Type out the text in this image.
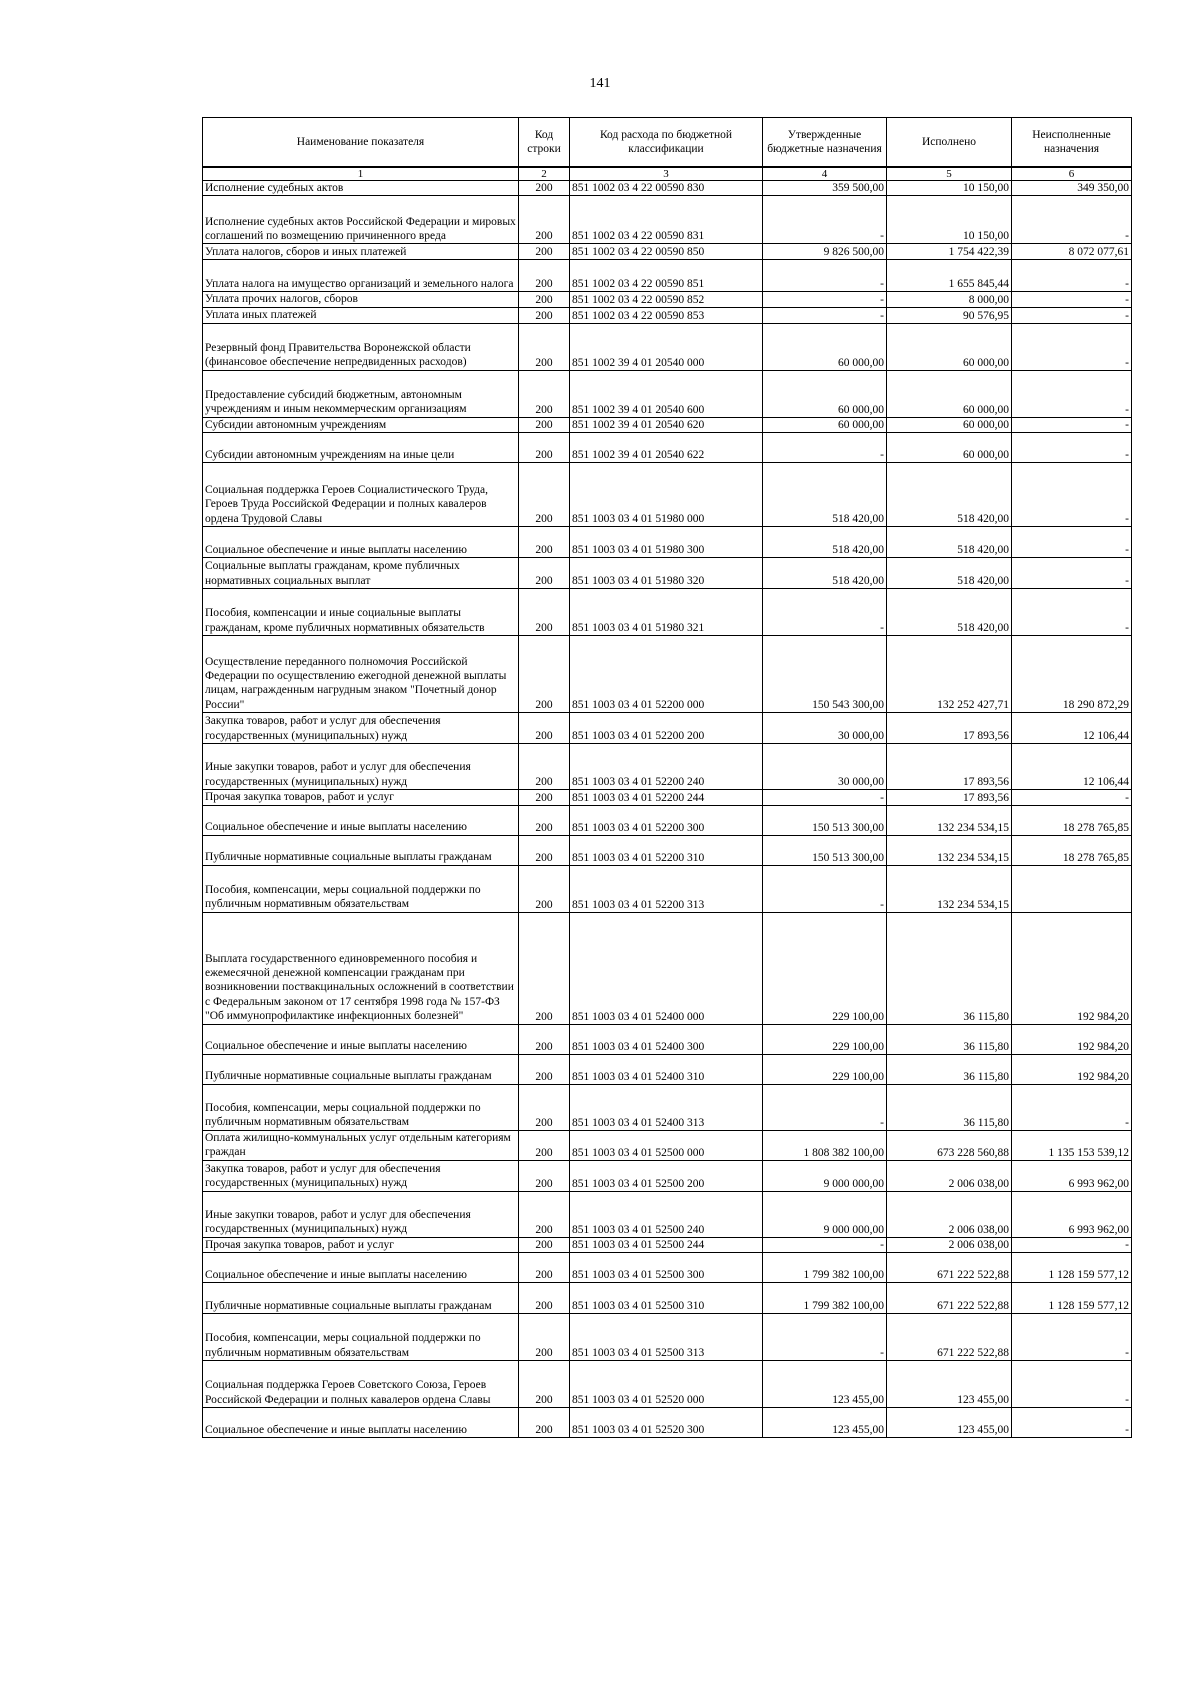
141
Наименование показателя	Код строки	Код расхода по бюджетной классификации	Утвержденные бюджетные назначения	Исполнено	Неисполненные назначения
1	2	3	4	5	6
Исполнение судебных актов	200	851 1002 03 4 22 00590 830	359 500,00	10 150,00	349 350,00
Исполнение судебных актов Российской Федерации и мировых соглашений по возмещению причиненного вреда	200	851 1002 03 4 22 00590 831	-	10 150,00	-
Уплата налогов, сборов и иных платежей	200	851 1002 03 4 22 00590 850	9 826 500,00	1 754 422,39	8 072 077,61
Уплата налога на имущество организаций и земельного налога	200	851 1002 03 4 22 00590 851	-	1 655 845,44	-
Уплата прочих налогов, сборов	200	851 1002 03 4 22 00590 852	-	8 000,00	-
Уплата иных платежей	200	851 1002 03 4 22 00590 853	-	90 576,95	-
Резервный фонд Правительства Воронежской области (финансовое обеспечение непредвиденных расходов)	200	851 1002 39 4 01 20540 000	60 000,00	60 000,00	-
Предоставление субсидий бюджетным, автономным учреждениям и иным некоммерческим организациям	200	851 1002 39 4 01 20540 600	60 000,00	60 000,00	-
Субсидии автономным учреждениям	200	851 1002 39 4 01 20540 620	60 000,00	60 000,00	-
Субсидии автономным учреждениям на иные цели	200	851 1002 39 4 01 20540 622	-	60 000,00	-
Социальная поддержка Героев Социалистического Труда, Героев Труда Российской Федерации и полных кавалеров ордена Трудовой Славы	200	851 1003 03 4 01 51980 000	518 420,00	518 420,00	-
Социальное обеспечение и иные выплаты населению	200	851 1003 03 4 01 51980 300	518 420,00	518 420,00	-
Социальные выплаты гражданам, кроме публичных нормативных социальных выплат	200	851 1003 03 4 01 51980 320	518 420,00	518 420,00	-
Пособия, компенсации и иные социальные выплаты гражданам, кроме публичных нормативных обязательств	200	851 1003 03 4 01 51980 321	-	518 420,00	-
Осуществление переданного полномочия Российской Федерации по осуществлению ежегодной денежной выплаты лицам, награжденным нагрудным знаком "Почетный донор России"	200	851 1003 03 4 01 52200 000	150 543 300,00	132 252 427,71	18 290 872,29
Закупка товаров, работ и услуг для обеспечения государственных (муниципальных) нужд	200	851 1003 03 4 01 52200 200	30 000,00	17 893,56	12 106,44
Иные закупки товаров, работ и услуг для обеспечения государственных (муниципальных) нужд	200	851 1003 03 4 01 52200 240	30 000,00	17 893,56	12 106,44
Прочая закупка товаров, работ и услуг	200	851 1003 03 4 01 52200 244	-	17 893,56	-
Социальное обеспечение и иные выплаты населению	200	851 1003 03 4 01 52200 300	150 513 300,00	132 234 534,15	18 278 765,85
Публичные нормативные социальные выплаты гражданам	200	851 1003 03 4 01 52200 310	150 513 300,00	132 234 534,15	18 278 765,85
Пособия, компенсации, меры социальной поддержки по публичным нормативным обязательствам	200	851 1003 03 4 01 52200 313	-	132 234 534,15	
Выплата государственного единовременного пособия и ежемесячной денежной компенсации гражданам при возникновении поствакцинальных осложнений в соответствии с Федеральным законом от 17 сентября 1998 года № 157-ФЗ "Об иммунопрофилактике инфекционных болезней"	200	851 1003 03 4 01 52400 000	229 100,00	36 115,80	192 984,20
Социальное обеспечение и иные выплаты населению	200	851 1003 03 4 01 52400 300	229 100,00	36 115,80	192 984,20
Публичные нормативные социальные выплаты гражданам	200	851 1003 03 4 01 52400 310	229 100,00	36 115,80	192 984,20
Пособия, компенсации, меры социальной поддержки по публичным нормативным обязательствам	200	851 1003 03 4 01 52400 313	-	36 115,80	-
Оплата жилищно-коммунальных услуг отдельным категориям граждан	200	851 1003 03 4 01 52500 000	1 808 382 100,00	673 228 560,88	1 135 153 539,12
Закупка товаров, работ и услуг для обеспечения государственных (муниципальных) нужд	200	851 1003 03 4 01 52500 200	9 000 000,00	2 006 038,00	6 993 962,00
Иные закупки товаров, работ и услуг для обеспечения государственных (муниципальных) нужд	200	851 1003 03 4 01 52500 240	9 000 000,00	2 006 038,00	6 993 962,00
Прочая закупка товаров, работ и услуг	200	851 1003 03 4 01 52500 244	-	2 006 038,00	-
Социальное обеспечение и иные выплаты населению	200	851 1003 03 4 01 52500 300	1 799 382 100,00	671 222 522,88	1 128 159 577,12
Публичные нормативные социальные выплаты гражданам	200	851 1003 03 4 01 52500 310	1 799 382 100,00	671 222 522,88	1 128 159 577,12
Пособия, компенсации, меры социальной поддержки по публичным нормативным обязательствам	200	851 1003 03 4 01 52500 313	-	671 222 522,88	-
Социальная поддержка Героев Советского Союза, Героев Российской Федерации и полных кавалеров ордена Славы	200	851 1003 03 4 01 52520 000	123 455,00	123 455,00	-
Социальное обеспечение и иные выплаты населению	200	851 1003 03 4 01 52520 300	123 455,00	123 455,00	-
